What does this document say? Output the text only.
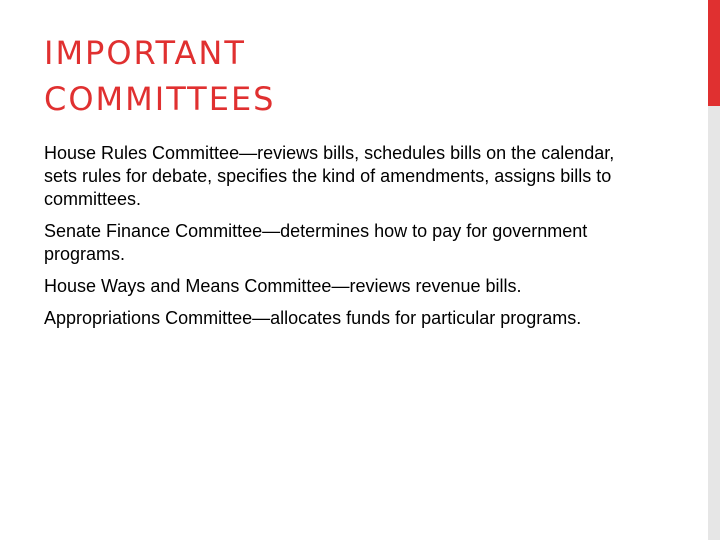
IMPORTANT
COMMITTEES

House Rules Committee—reviews bills, schedules bills on the calendar, sets rules for debate, specifies the kind of amendments, assigns bills to committees.

Senate Finance Committee—determines how to pay for government programs.

House Ways and Means Committee—reviews revenue bills.

Appropriations Committee—allocates funds for particular programs.
